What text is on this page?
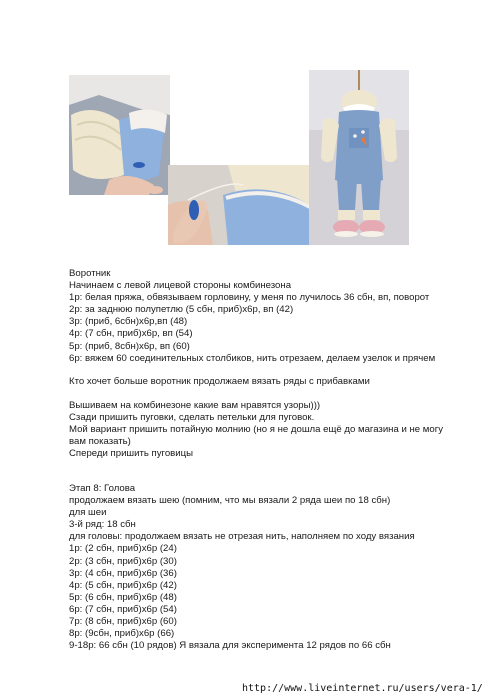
Воротник

Начинаем с левой лицевой стороны комбинезона

1р: белая пряжа, обвязываем горловину, у меня по лучилось 36 сбн, вп, поворот

2р: за заднюю полупетлю (5 сбн, приб)х6р, вп (42)

3р: (приб, 6сбн)х6р,вп (48)

4р: (7 сбн, приб)х6р, вп (54)

5р: (приб, 8сбн)х6р, вп (60)

6р: вяжем 60 соединительных столбиков, нить отрезаем, делаем узелок и прячем

Кто хочет больше воротник продолжаем вязать ряды с прибавками

Вышиваем на комбинезоне какие вам нравятся узоры)))

Сзади пришить пуговки, сделать петельки для пуговок.

Мой вариант пришить потайную молнию (но я не дошла ещё до магазина и не могу вам показать)

Спереди пришить пуговицы

Этап 8: Голова

продолжаем вязать шею (помним, что мы вязали 2 ряда шеи по 18 сбн)

для шеи

3-й ряд: 18 сбн

для головы: продолжаем вязать не отрезая нить, наполняем по ходу вязания

1р: (2 сбн, приб)х6р (24)

2р: (3 сбн, приб)х6р (30)

3р: (4 сбн, приб)х6р (36)

4р: (5 сбн, приб)х6р (42)

5р: (6 сбн, приб)х6р (48)

6р: (7 сбн, приб)х6р (54)

7р: (8 сбн, приб)х6р (60)

8р: (9сбн, приб)х6р (66)

9-18р: 66 сбн (10 рядов) Я вязала для эксперимента 12 рядов по 66 сбн

http://www.liveinternet.ru/users/vera-1/
